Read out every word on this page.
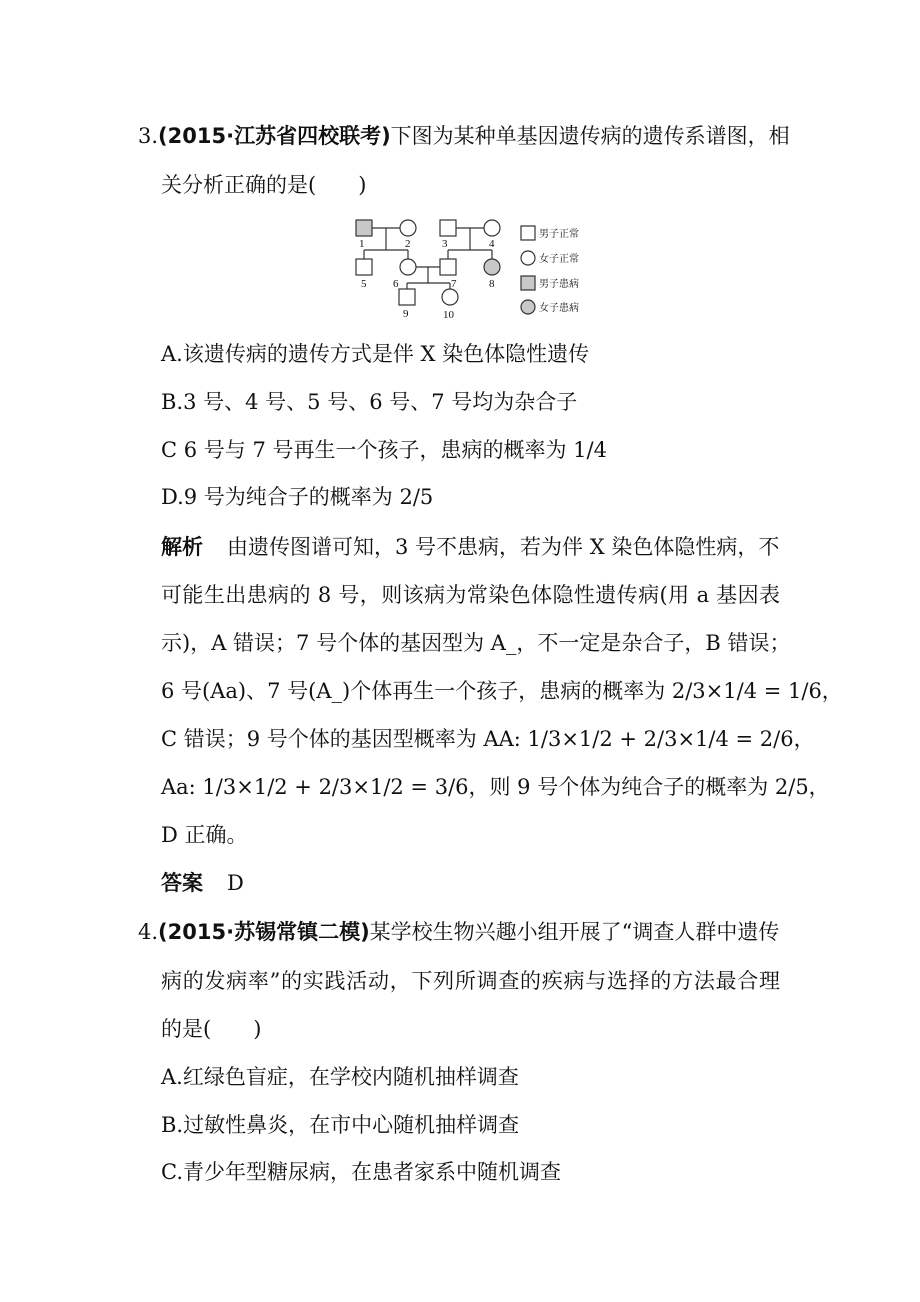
3.(2015·江苏省四校联考)下图为某种单基因遗传病的遗传系谱图，相
关分析正确的是(　　)
1	2	3	4
5 6	7	8
9	10
男子正常
女子正常
男子患病
女子患病
A.该遗传病的遗传方式是伴 X 染色体隐性遗传
B.3 号、4 号、5 号、6 号、7 号均为杂合子
C 6 号与 7 号再生一个孩子，患病的概率为 1/4
D.9 号为纯合子的概率为 2/5
解析 由遗传图谱可知，3 号不患病，若为伴 X 染色体隐性病，不
可能生出患病的 8 号，则该病为常染色体隐性遗传病(用 a 基因表
示)，A 错误；7 号个体的基因型为 A_，不一定是杂合子，B 错误；
6 号(Aa)、7 号(A_)个体再生一个孩子，患病的概率为 2/3×1/4 = 1/6，
C 错误；9 号个体的基因型概率为 AA: 1/3×1/2 + 2/3×1/4 = 2/6，
Aa: 1/3×1/2 + 2/3×1/2 = 3/6，则 9 号个体为纯合子的概率为 2/5，
D 正确。
答案 D
4.(2015·苏锡常镇二模)某学校生物兴趣小组开展了“调查人群中遗传
病的发病率”的实践活动，下列所调查的疾病与选择的方法最合理
的是(　　)
A.红绿色盲症，在学校内随机抽样调查
B.过敏性鼻炎，在市中心随机抽样调查
C.青少年型糖尿病，在患者家系中随机调查
